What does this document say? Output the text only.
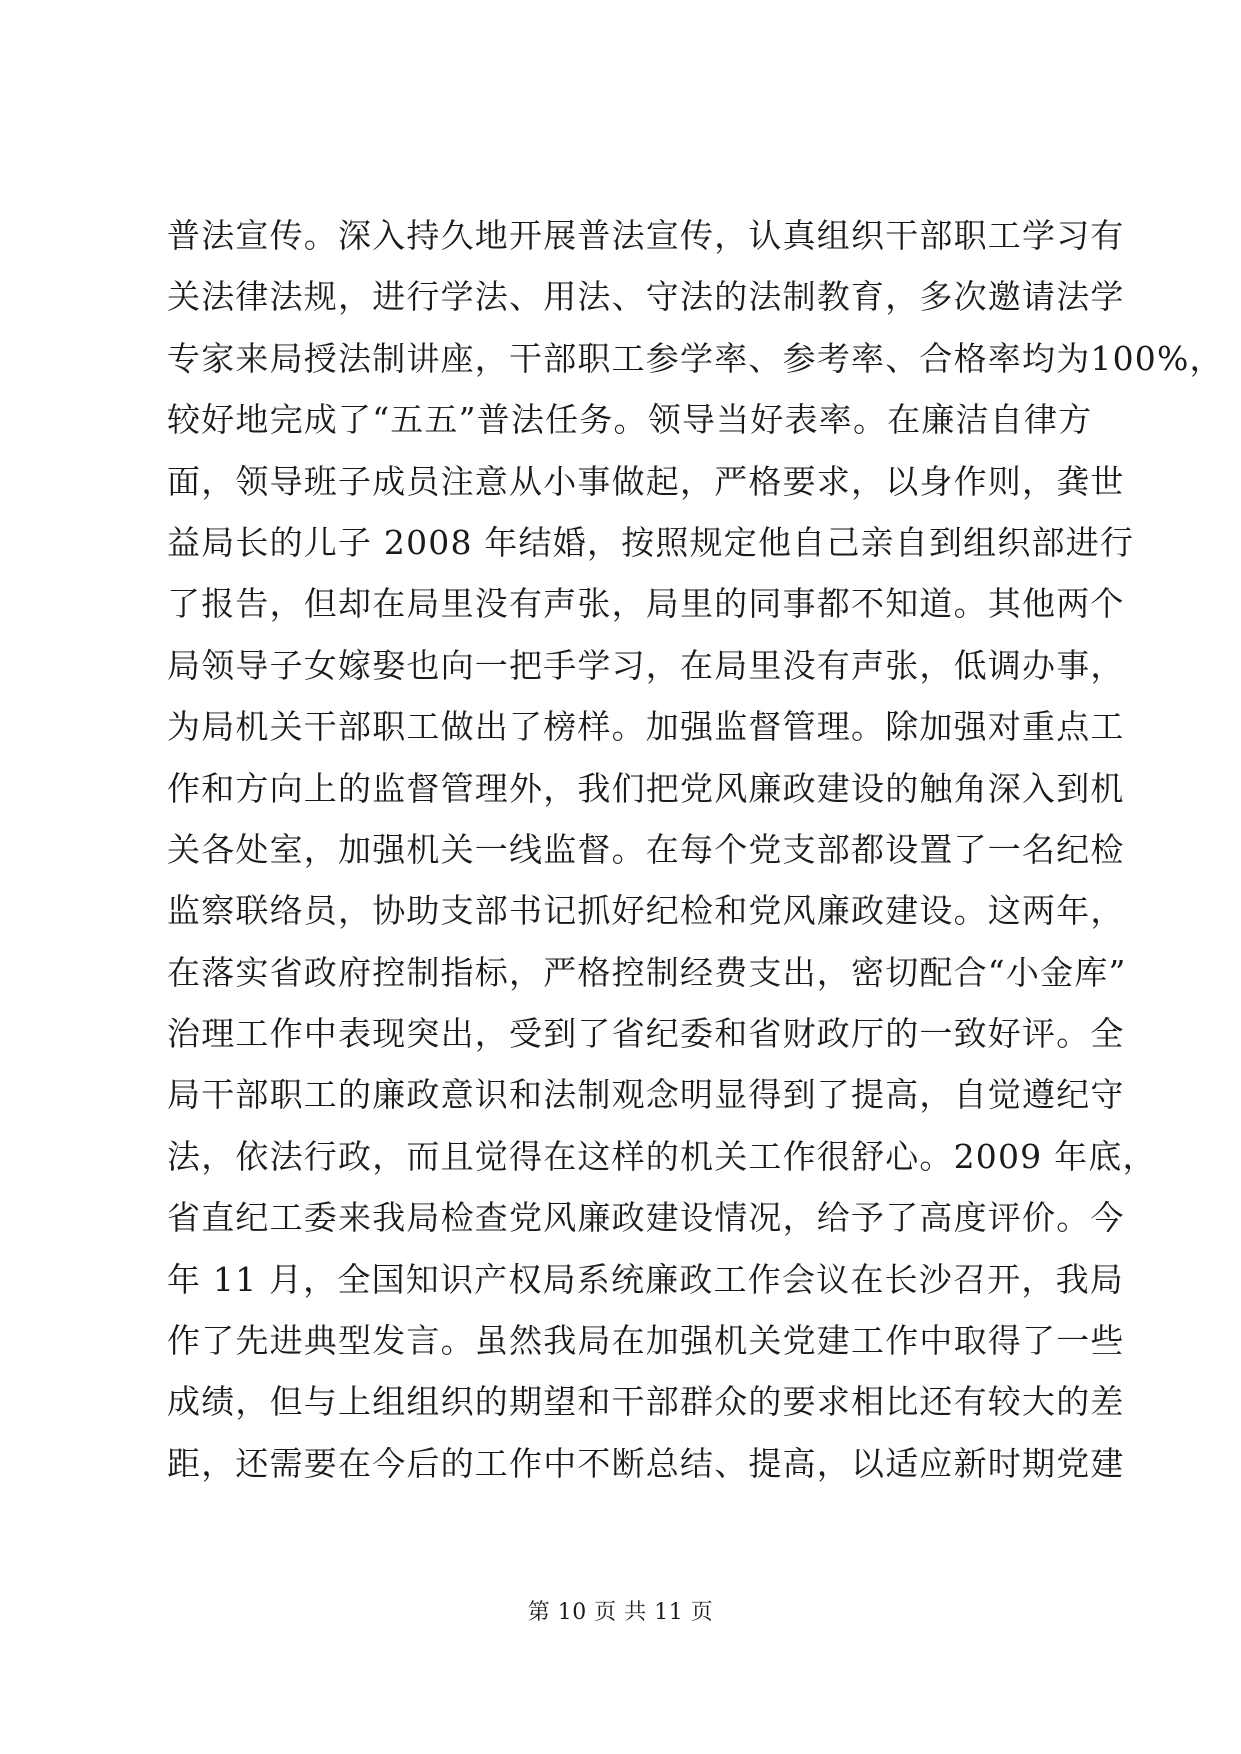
普法宣传。深入持久地开展普法宣传，认真组织干部职工学习有
关法律法规，进行学法、用法、守法的法制教育，多次邀请法学
专家来局授法制讲座，干部职工参学率、参考率、合格率均为100%，
较好地完成了“五五”普法任务。领导当好表率。在廉洁自律方
面，领导班子成员注意从小事做起，严格要求，以身作则，龚世
益局长的儿子 2008 年结婚，按照规定他自己亲自到组织部进行
了报告，但却在局里没有声张，局里的同事都不知道。其他两个
局领导子女嫁娶也向一把手学习，在局里没有声张，低调办事，
为局机关干部职工做出了榜样。加强监督管理。除加强对重点工
作和方向上的监督管理外，我们把党风廉政建设的触角深入到机
关各处室，加强机关一线监督。在每个党支部都设置了一名纪检
监察联络员，协助支部书记抓好纪检和党风廉政建设。这两年，
在落实省政府控制指标，严格控制经费支出，密切配合“小金库”
治理工作中表现突出，受到了省纪委和省财政厅的一致好评。全
局干部职工的廉政意识和法制观念明显得到了提高，自觉遵纪守
法，依法行政，而且觉得在这样的机关工作很舒心。2009 年底，
省直纪工委来我局检查党风廉政建设情况，给予了高度评价。今
年 11 月，全国知识产权局系统廉政工作会议在长沙召开，我局
作了先进典型发言。虽然我局在加强机关党建工作中取得了一些
成绩，但与上组组织的期望和干部群众的要求相比还有较大的差
距，还需要在今后的工作中不断总结、提高，以适应新时期党建
第 10 页 共 11 页
